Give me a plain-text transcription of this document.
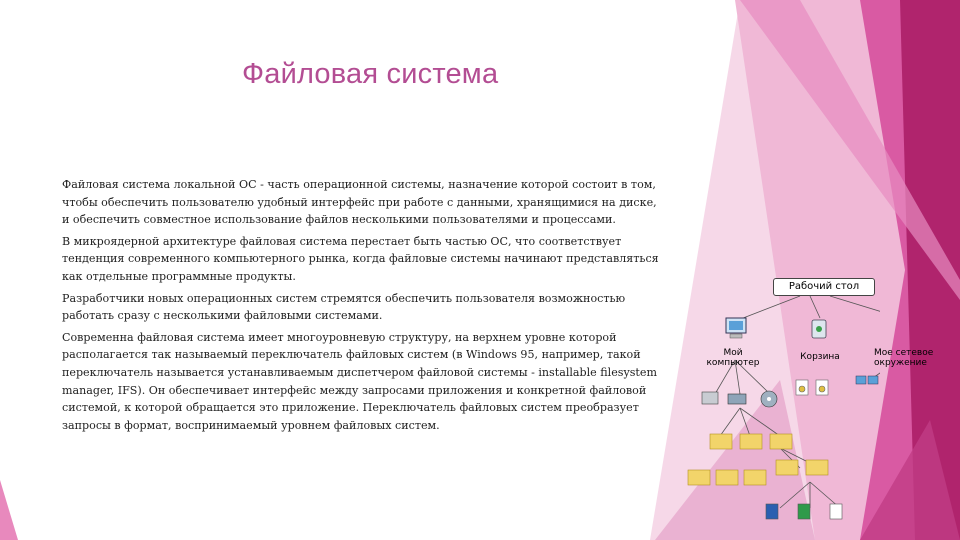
Файловая система

Файловая система локальной ОС - часть операционной системы, назначение которой состоит в том,
чтобы обеспечить пользователю удобный интерфейс при работе с данными, хранящимися на диске,
и обеспечить совместное использование файлов несколькими пользователями и процессами.

В микроядерной архитектуре файловая система перестает быть частью ОС, что соответствует
тенденция современного компьютерного рынка, когда файловые системы начинают представляться
как отдельные программные продукты.

Разработчики новых операционных систем стремятся обеспечить пользователя возможностью
работать сразу с несколькими файловыми системами.

Современна файловая система имеет многоуровневую структуру, на верхнем уровне которой
располагается так называемый переключатель файловых систем (в Windows 95, например, такой
переключатель называется устанавливаемым диспетчером файловой системы - installable filesystem
manager, IFS). Он обеспечивает интерфейс между запросами приложения и конкретной файловой
системой, к которой обращается это приложение. Переключатель файловых систем преобразует
запросы в формат, воспринимаемый уровнем файловых систем.

Рабочий стол
Мой
компьютер
Корзина	Мое сетевое
окружение
